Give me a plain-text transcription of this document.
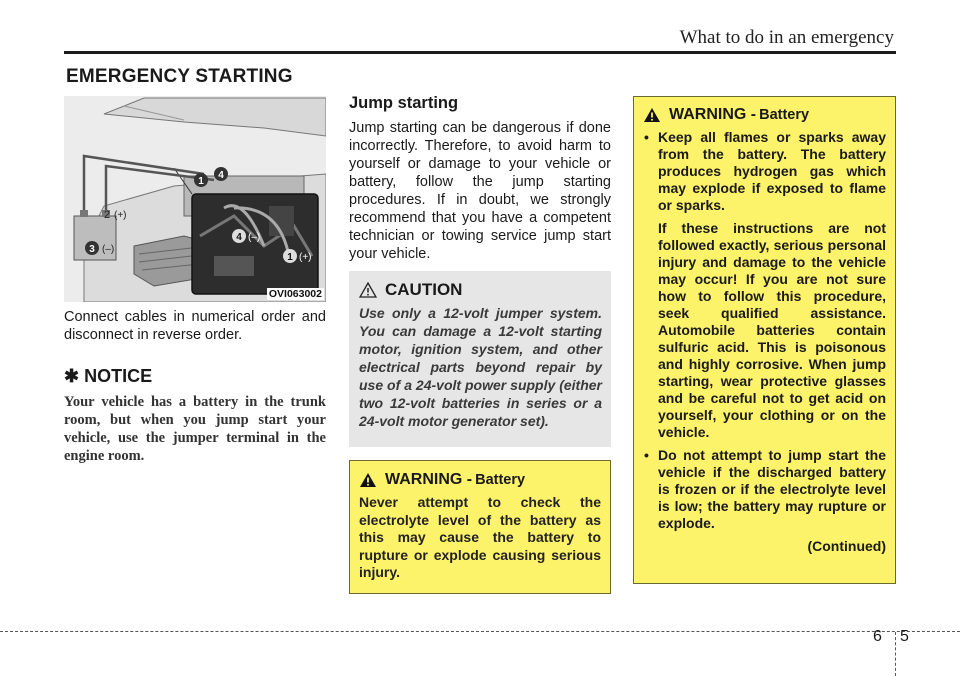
What to do in an emergency
EMERGENCY STARTING
1
4
2 (+)
3 (–)
4 (–)
1 (+)
OVI063002
Connect cables in numerical order and disconnect in reverse order.
✱ NOTICE
Your vehicle has a battery in the trunk room, but when you jump start your vehicle, use the jumper terminal in the engine room.
Jump starting
Jump starting can be dangerous if done incorrectly. Therefore, to avoid harm to yourself or damage to your vehicle or battery, follow the jump starting procedures. If in doubt, we strongly recommend that you have a competent technician or towing service jump start your vehicle.
CAUTION
Use only a 12-volt jumper system. You can damage a 12-volt starting motor, ignition system, and other electrical parts beyond repair by use of a 24-volt power supply (either two 12-volt batteries in series or a 24-volt motor generator set).
WARNING - Battery
Never attempt to check the electrolyte level of the battery as this may cause the battery to rupture or explode causing serious injury.
WARNING - Battery

• Keep all flames or sparks away from the battery. The battery produces hydrogen gas which may explode if exposed to flame or sparks.

If these instructions are not followed exactly, serious personal injury and damage to the vehicle may occur! If you are not sure how to follow this procedure, seek qualified assistance. Automobile batteries contain sulfuric acid. This is poisonous and highly corrosive. When jump starting, wear protective glasses and be careful not to get acid on yourself, your clothing or on the vehicle.

• Do not attempt to jump start the vehicle if the discharged battery is frozen or if the electrolyte level is low; the battery may rupture or explode.

(Continued)
6 5
